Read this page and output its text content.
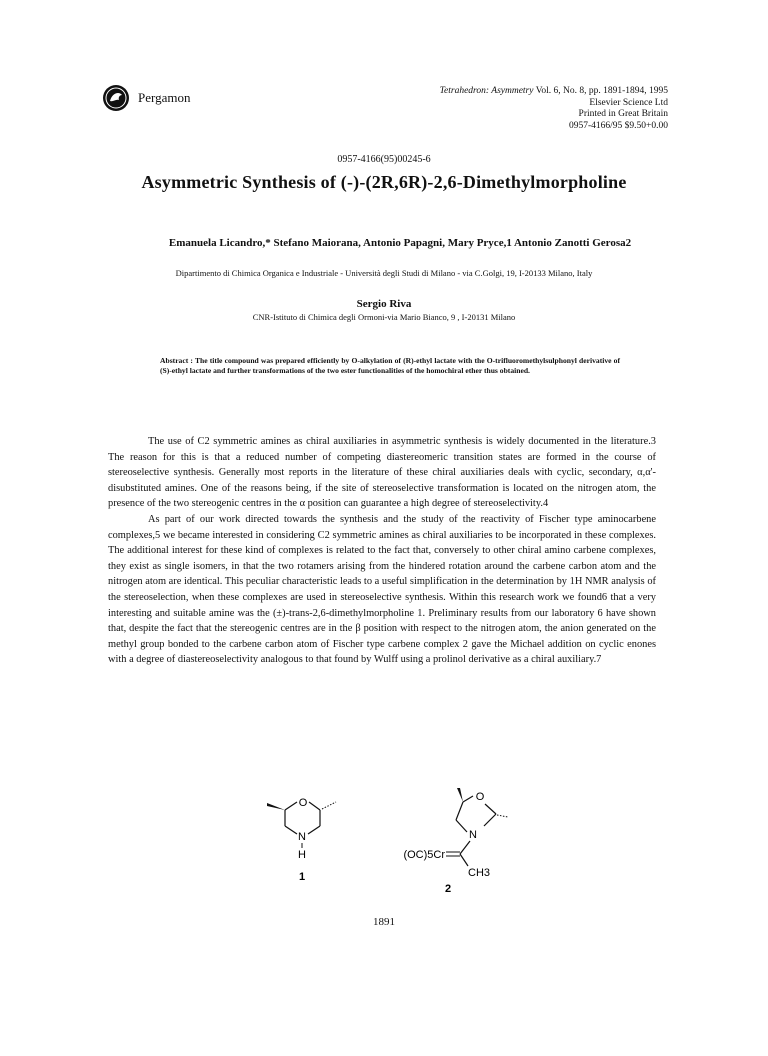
Pergamon	Tetrahedron: Asymmetry Vol. 6, No. 8, pp. 1891-1894, 1995
Elsevier Science Ltd
Printed in Great Britain
0957-4166/95 $9.50+0.00
0957-4166(95)00245-6
Asymmetric Synthesis of (-)-(2R,6R)-2,6-Dimethylmorpholine
Emanuela Licandro,* Stefano Maiorana, Antonio Papagni, Mary Pryce,1 Antonio Zanotti Gerosa2
Dipartimento di Chimica Organica e Industriale - Università degli Studi di Milano - via C.Golgi, 19, I-20133 Milano, Italy
Sergio Riva
CNR-Istituto di Chimica degli Ormoni-via Mario Bianco, 9 , I-20131 Milano
Abstract : The title compound was prepared efficiently by O-alkylation of (R)-ethyl lactate with the O-trifluoromethylsulphonyl derivative of (S)-ethyl lactate and further transformations of the two ester functionalities of the homochiral ether thus obtained.

The use of C2 symmetric amines as chiral auxiliaries in asymmetric synthesis is widely documented in the literature.3 The reason for this is that a reduced number of competing diastereomeric transition states are formed in the course of stereoselective synthesis. Generally most reports in the literature of these chiral auxiliaries deals with cyclic, secondary, α,α'-disubstituted amines. One of the reasons being, if the site of stereoselective transformation is located on the nitrogen atom, the presence of the two stereogenic centres in the α position can guarantee a high degree of stereoselectivity.4

As part of our work directed towards the synthesis and the study of the reactivity of Fischer type aminocarbene complexes,5 we became interested in considering C2 symmetric amines as chiral auxiliaries to be incorporated in these complexes. The additional interest for these kind of complexes is related to the fact that, conversely to other chiral amino carbene complexes, they exist as single isomers, in that the two rotamers arising from the hindered rotation around the carbene carbon atom and the nitrogen atom are identical. This peculiar characteristic leads to a useful simplification in the determination by 1H NMR analysis of the stereoselection, when these complexes are used in stereoselective synthesis. Within this research work we found6 that a very interesting and suitable amine was the (±)-trans-2,6-dimethylmorpholine 1. Preliminary results from our laboratory 6 have shown that, despite the fact that the stereogenic centres are in the β position with respect to the nitrogen atom, the anion generated on the methyl group bonded to the carbene carbon atom of Fischer type carbene complex 2 gave the Michael addition on cyclic enones with a degree of diastereoselectivity analogous to that found by Wulff using a prolinol derivative as a chiral auxiliary.7

O
N
H
1
O
N
(OC)5Cr
CH3
2
1891
